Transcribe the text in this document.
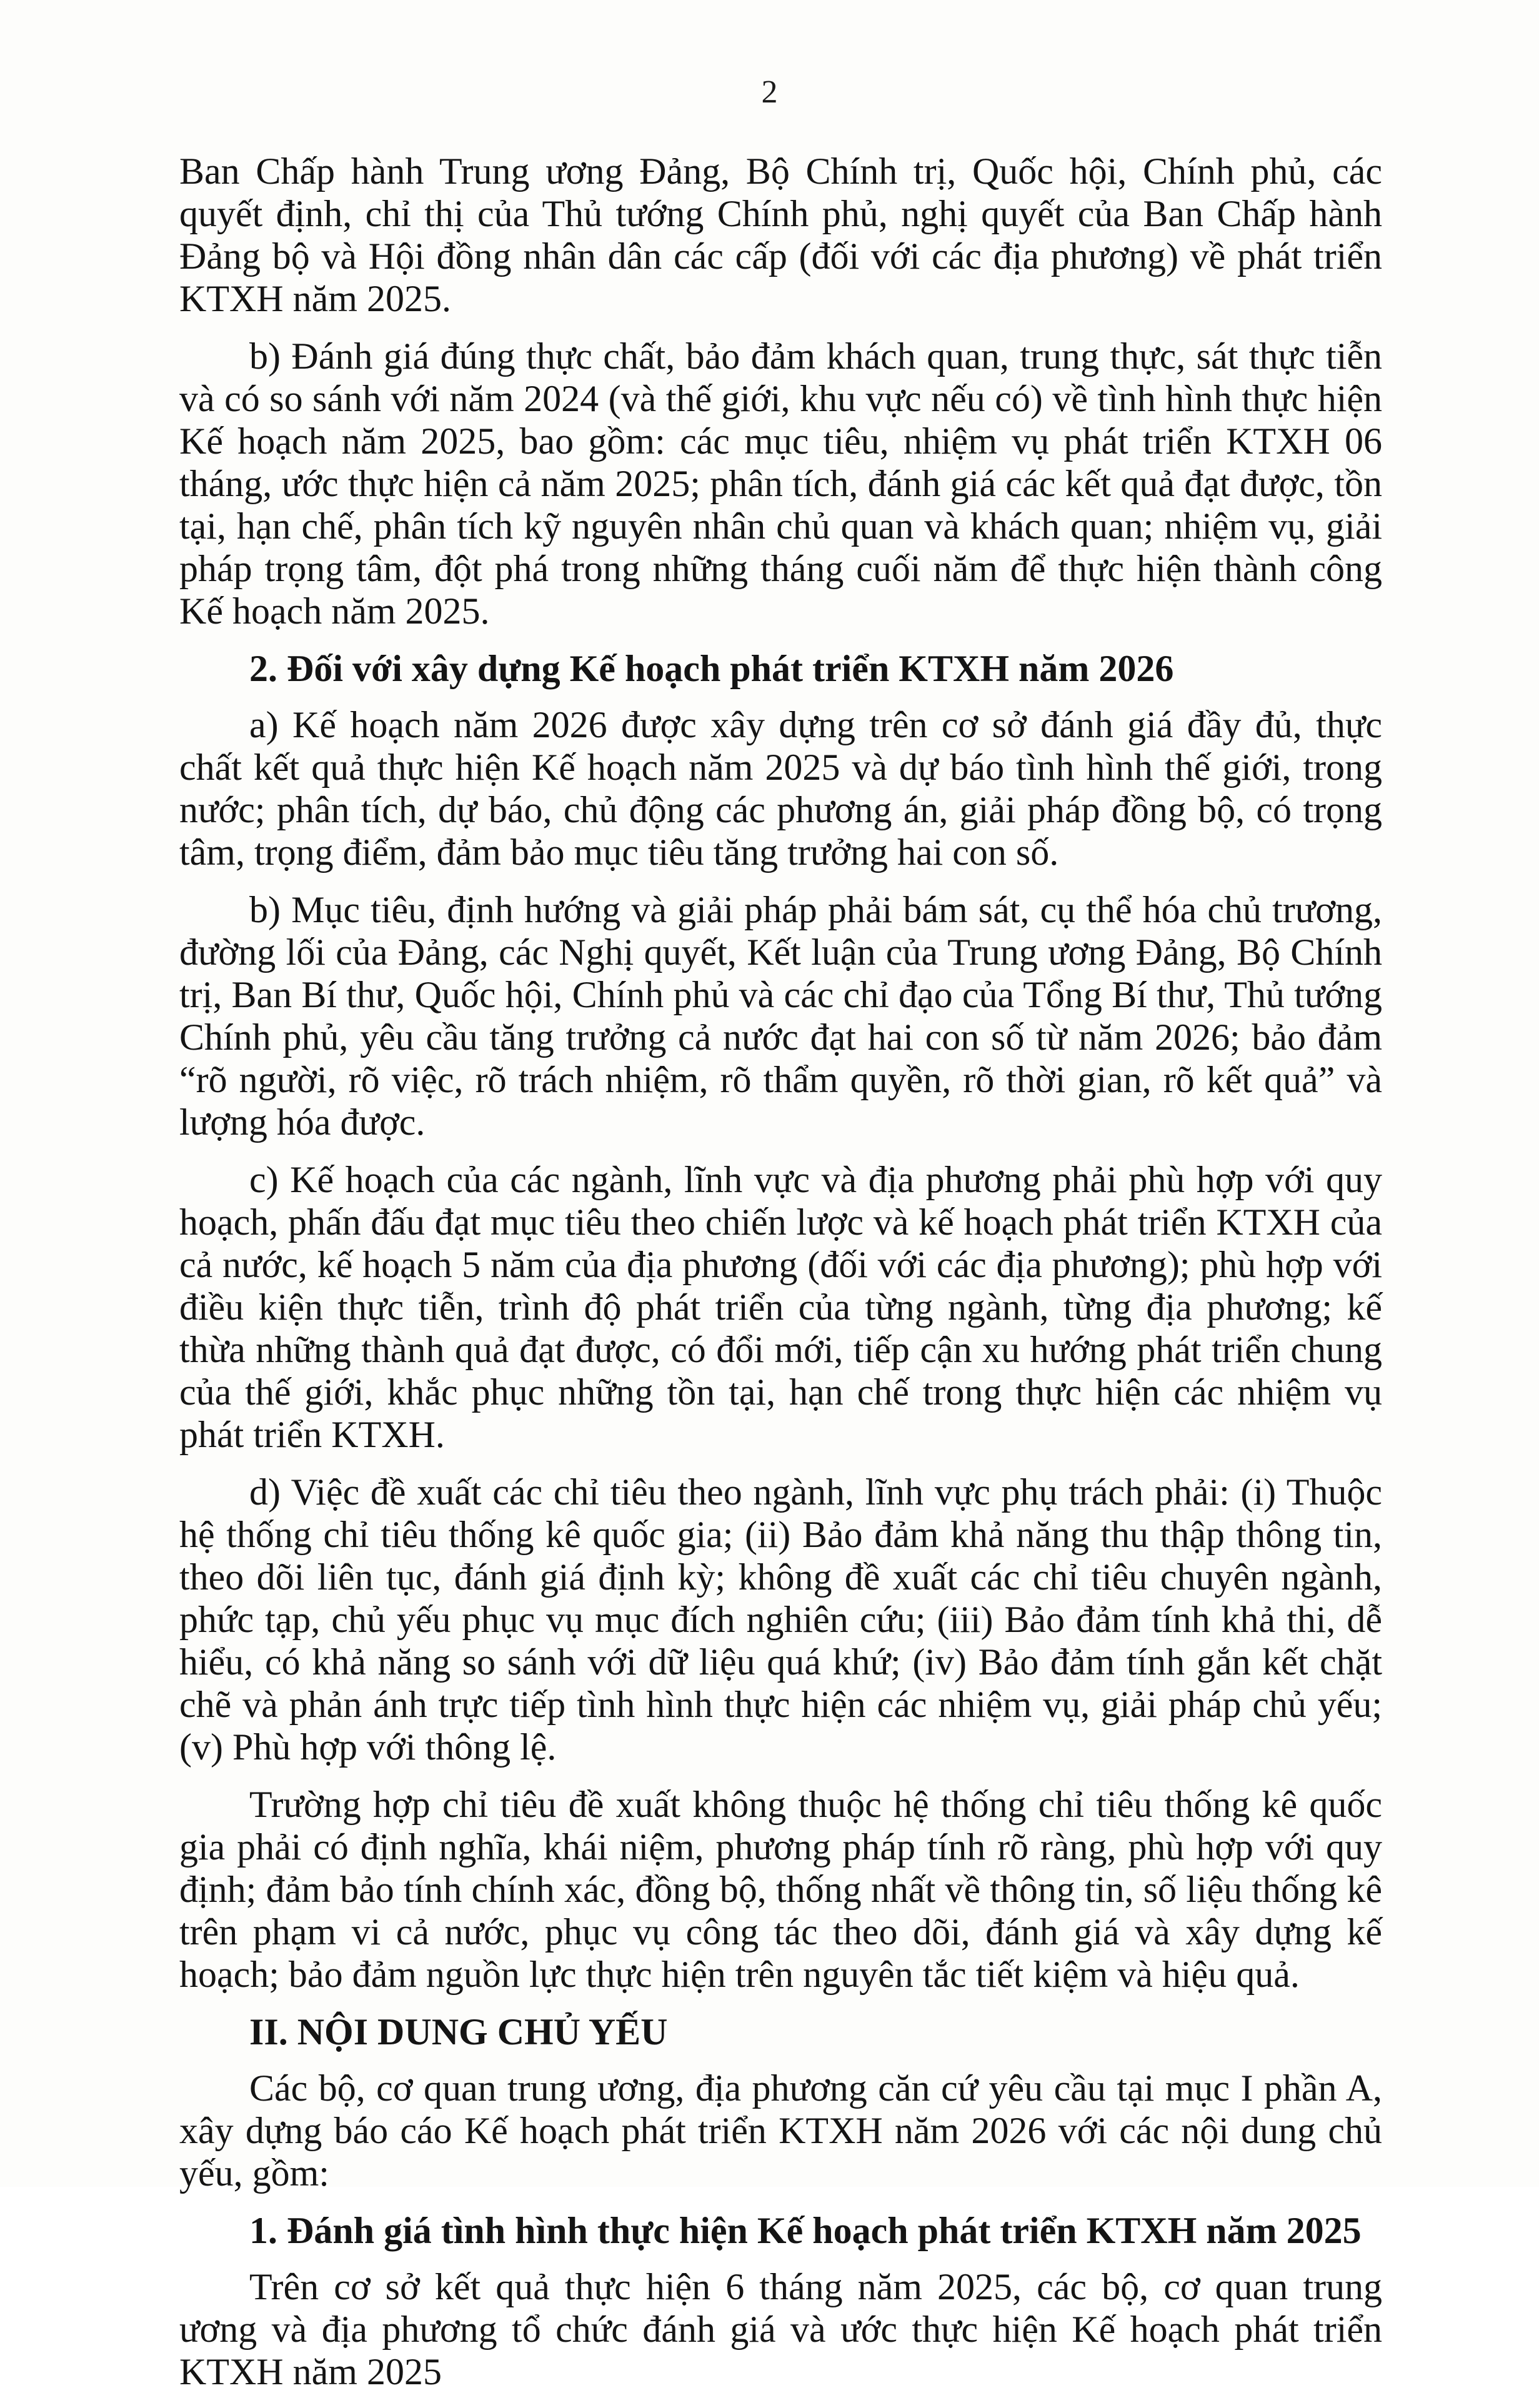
2

Ban Chấp hành Trung ương Đảng, Bộ Chính trị, Quốc hội, Chính phủ, các quyết định, chỉ thị của Thủ tướng Chính phủ, nghị quyết của Ban Chấp hành Đảng bộ và Hội đồng nhân dân các cấp (đối với các địa phương) về phát triển KTXH năm 2025.

b) Đánh giá đúng thực chất, bảo đảm khách quan, trung thực, sát thực tiễn và có so sánh với năm 2024 (và thế giới, khu vực nếu có) về tình hình thực hiện Kế hoạch năm 2025, bao gồm: các mục tiêu, nhiệm vụ phát triển KTXH 06 tháng, ước thực hiện cả năm 2025; phân tích, đánh giá các kết quả đạt được, tồn tại, hạn chế, phân tích kỹ nguyên nhân chủ quan và khách quan; nhiệm vụ, giải pháp trọng tâm, đột phá trong những tháng cuối năm để thực hiện thành công Kế hoạch năm 2025.

2. Đối với xây dựng Kế hoạch phát triển KTXH năm 2026

a) Kế hoạch năm 2026 được xây dựng trên cơ sở đánh giá đầy đủ, thực chất kết quả thực hiện Kế hoạch năm 2025 và dự báo tình hình thế giới, trong nước; phân tích, dự báo, chủ động các phương án, giải pháp đồng bộ, có trọng tâm, trọng điểm, đảm bảo mục tiêu tăng trưởng hai con số.

b) Mục tiêu, định hướng và giải pháp phải bám sát, cụ thể hóa chủ trương, đường lối của Đảng, các Nghị quyết, Kết luận của Trung ương Đảng, Bộ Chính trị, Ban Bí thư, Quốc hội, Chính phủ và các chỉ đạo của Tổng Bí thư, Thủ tướng Chính phủ, yêu cầu tăng trưởng cả nước đạt hai con số từ năm 2026; bảo đảm “rõ người, rõ việc, rõ trách nhiệm, rõ thẩm quyền, rõ thời gian, rõ kết quả” và lượng hóa được.

c) Kế hoạch của các ngành, lĩnh vực và địa phương phải phù hợp với quy hoạch, phấn đấu đạt mục tiêu theo chiến lược và kế hoạch phát triển KTXH của cả nước, kế hoạch 5 năm của địa phương (đối với các địa phương); phù hợp với điều kiện thực tiễn, trình độ phát triển của từng ngành, từng địa phương; kế thừa những thành quả đạt được, có đổi mới, tiếp cận xu hướng phát triển chung của thế giới, khắc phục những tồn tại, hạn chế trong thực hiện các nhiệm vụ phát triển KTXH.

d) Việc đề xuất các chỉ tiêu theo ngành, lĩnh vực phụ trách phải: (i) Thuộc hệ thống chỉ tiêu thống kê quốc gia; (ii) Bảo đảm khả năng thu thập thông tin, theo dõi liên tục, đánh giá định kỳ; không đề xuất các chỉ tiêu chuyên ngành, phức tạp, chủ yếu phục vụ mục đích nghiên cứu; (iii) Bảo đảm tính khả thi, dễ hiểu, có khả năng so sánh với dữ liệu quá khứ; (iv) Bảo đảm tính gắn kết chặt chẽ và phản ánh trực tiếp tình hình thực hiện các nhiệm vụ, giải pháp chủ yếu; (v) Phù hợp với thông lệ.

Trường hợp chỉ tiêu đề xuất không thuộc hệ thống chỉ tiêu thống kê quốc gia phải có định nghĩa, khái niệm, phương pháp tính rõ ràng, phù hợp với quy định; đảm bảo tính chính xác, đồng bộ, thống nhất về thông tin, số liệu thống kê trên phạm vi cả nước, phục vụ công tác theo dõi, đánh giá và xây dựng kế hoạch; bảo đảm nguồn lực thực hiện trên nguyên tắc tiết kiệm và hiệu quả.

II. NỘI DUNG CHỦ YẾU

Các bộ, cơ quan trung ương, địa phương căn cứ yêu cầu tại mục I phần A, xây dựng báo cáo Kế hoạch phát triển KTXH năm 2026 với các nội dung chủ yếu, gồm:

1. Đánh giá tình hình thực hiện Kế hoạch phát triển KTXH năm 2025

Trên cơ sở kết quả thực hiện 6 tháng năm 2025, các bộ, cơ quan trung ương và địa phương tổ chức đánh giá và ước thực hiện Kế hoạch phát triển KTXH năm 2025
